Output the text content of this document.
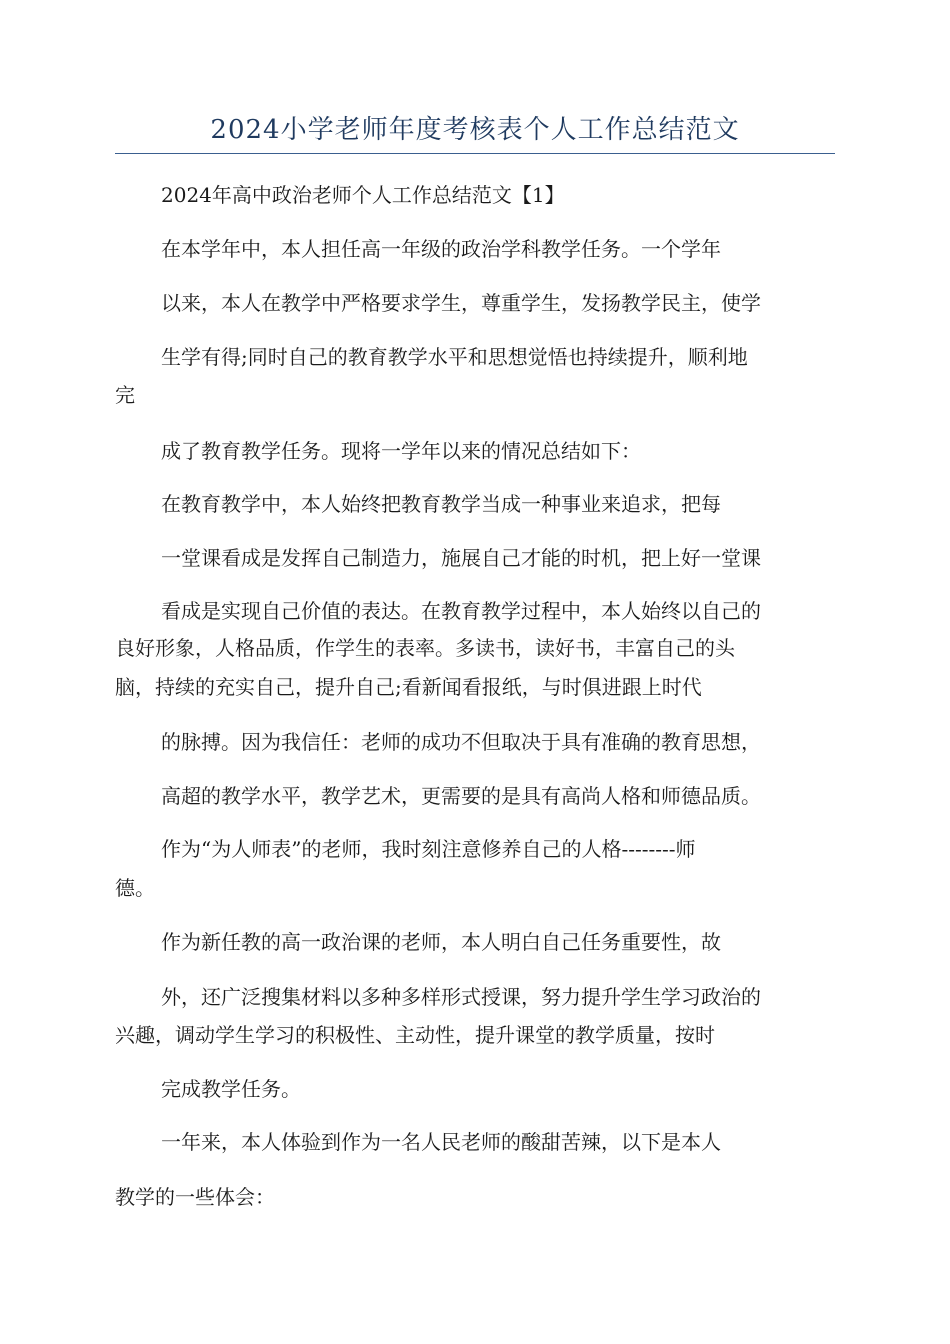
2024小学老师年度考核表个人工作总结范文
2024年高中政治老师个人工作总结范文【1】
在本学年中，本人担任高一年级的政治学科教学任务。一个学年
以来，本人在教学中严格要求学生，尊重学生，发扬教学民主，使学
生学有得;同时自己的教育教学水平和思想觉悟也持续提升，顺利地
完
成了教育教学任务。现将一学年以来的情况总结如下：
在教育教学中，本人始终把教育教学当成一种事业来追求，把每
一堂课看成是发挥自己制造力，施展自己才能的时机，把上好一堂课
看成是实现自己价值的表达。在教育教学过程中，本人始终以自己的
良好形象，人格品质，作学生的表率。多读书，读好书，丰富自己的头
脑，持续的充实自己，提升自己;看新闻看报纸，与时俱进跟上时代
的脉搏。因为我信任：老师的成功不但取决于具有准确的教育思想，
高超的教学水平，教学艺术，更需要的是具有高尚人格和师德品质。
作为“为人师表”的老师，我时刻注意修养自己的人格--------师
德。
作为新任教的高一政治课的老师，本人明白自己任务重要性，故
外，还广泛搜集材料以多种多样形式授课，努力提升学生学习政治的
兴趣，调动学生学习的积极性、主动性，提升课堂的教学质量，按时
完成教学任务。
一年来，本人体验到作为一名人民老师的酸甜苦辣，以下是本人
教学的一些体会：
